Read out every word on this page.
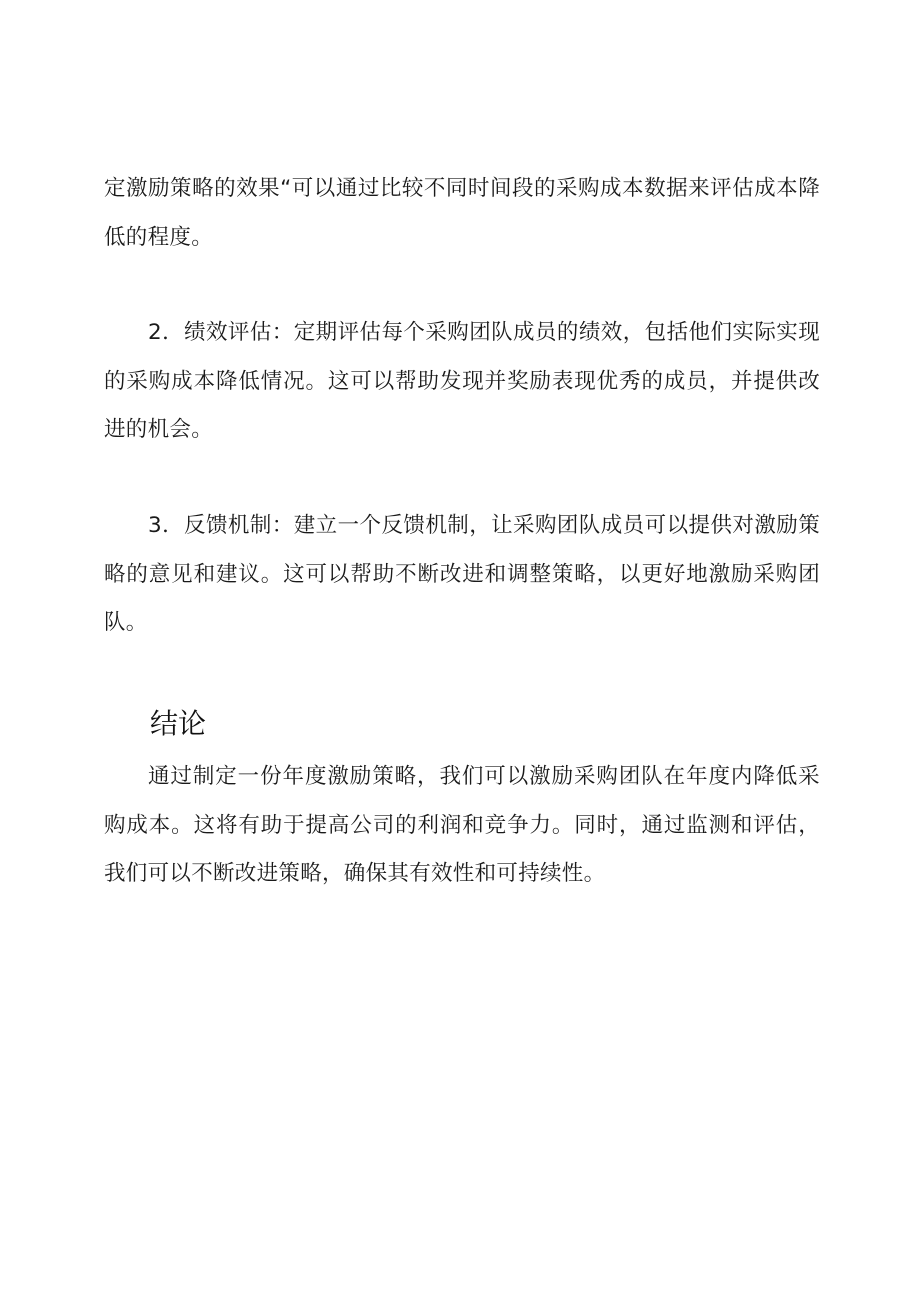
定激励策略的效果“可以通过比较不同时间段的采购成本数据来评估成本降低的程度。

2．绩效评估：定期评估每个采购团队成员的绩效，包括他们实际实现的采购成本降低情况。这可以帮助发现并奖励表现优秀的成员，并提供改进的机会。

3．反馈机制：建立一个反馈机制，让采购团队成员可以提供对激励策略的意见和建议。这可以帮助不断改进和调整策略，以更好地激励采购团队。

结论

通过制定一份年度激励策略，我们可以激励采购团队在年度内降低采购成本。这将有助于提高公司的利润和竞争力。同时，通过监测和评估，我们可以不断改进策略，确保其有效性和可持续性。
